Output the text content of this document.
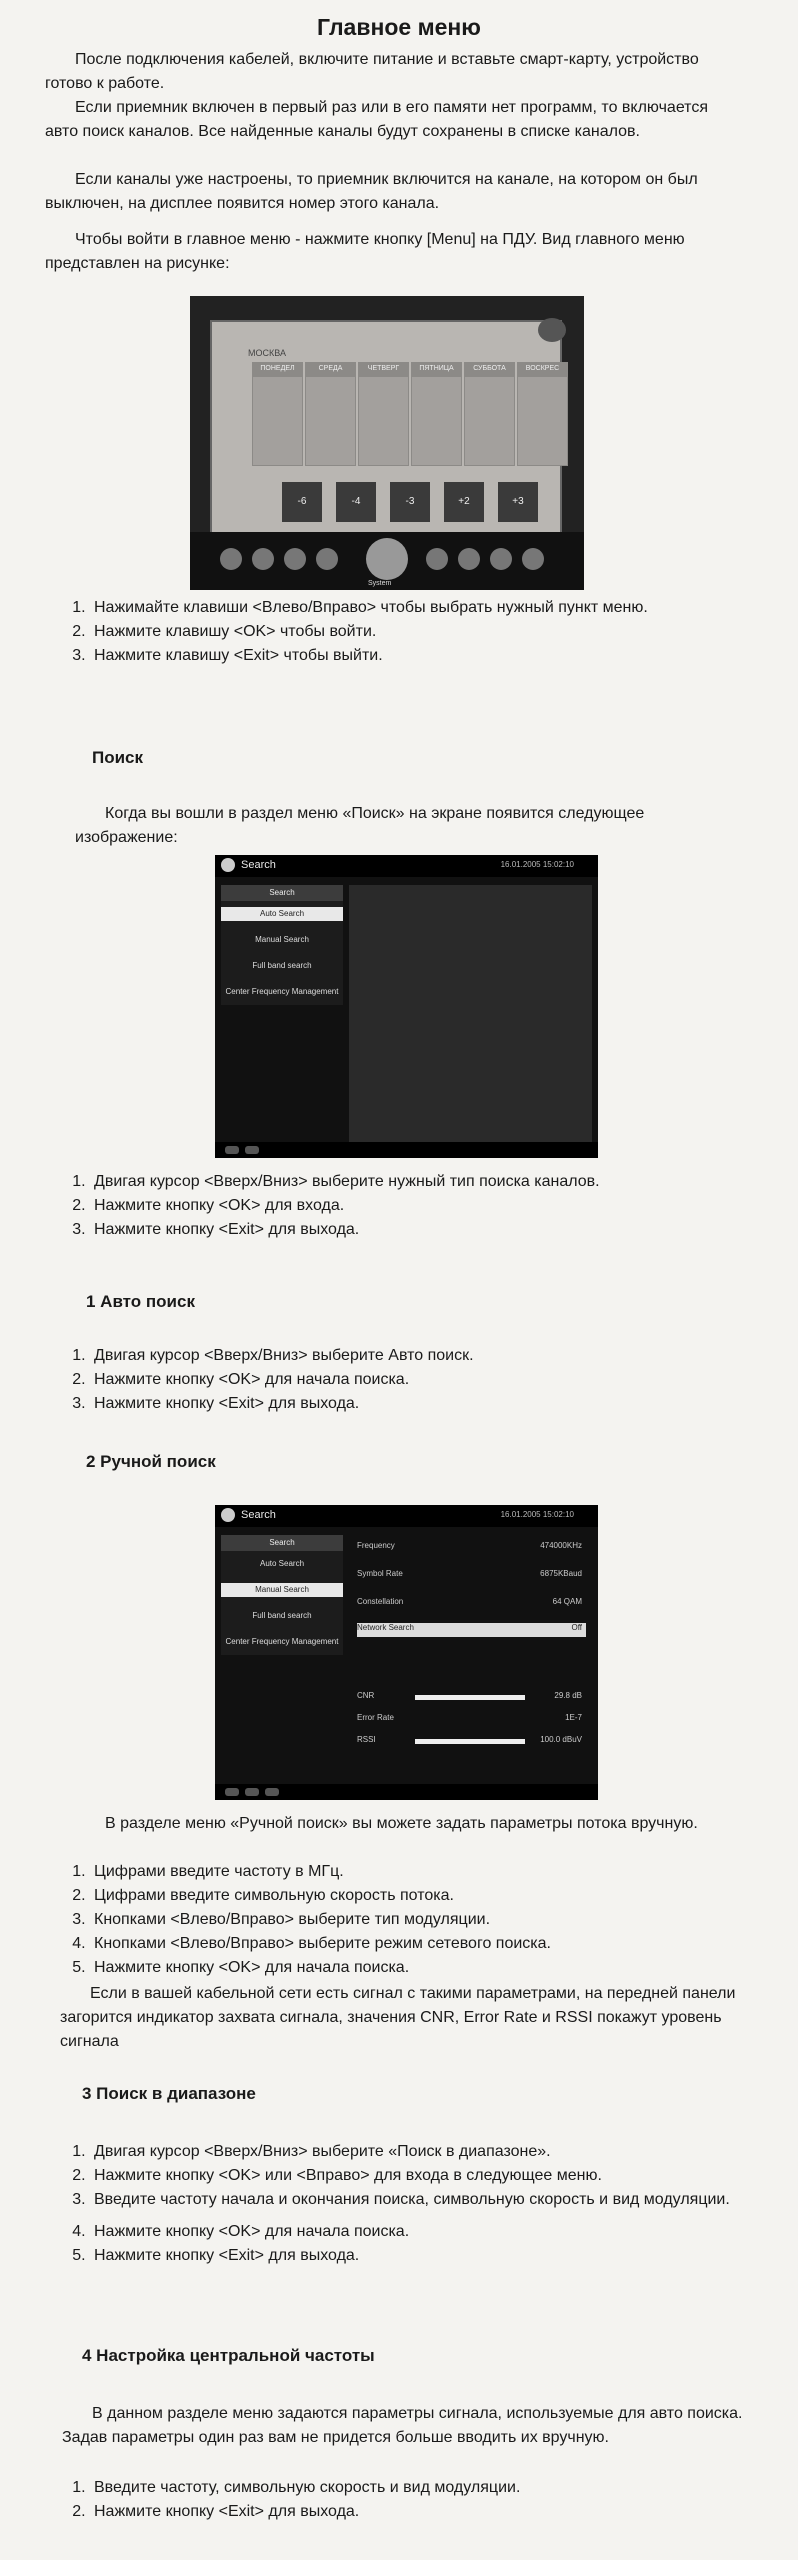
Главное меню

После подключения кабелей, включите питание и вставьте смарт-карту, устройство готово к работе.

Если приемник включен в первый раз или в его памяти нет программ, то включается авто поиск каналов. Все найденные каналы будут сохранены в списке каналов.

Если каналы уже настроены, то приемник включится на канале, на котором он был выключен, на дисплее появится номер этого канала.

Чтобы войти в главное меню - нажмите кнопку [Menu] на ПДУ. Вид главного меню представлен на рисунке:

МОСКВА
ПОНЕДЕЛ	СРЕДА	ЧЕТВЕРГ	ПЯТНИЦА	СУББОТА	ВОСКРЕС
-6	-4	-3	+2	+3
System
1. Нажимайте клавиши <Влево/Вправо> чтобы выбрать нужный пункт меню.
2. Нажмите клавишу <OK> чтобы войти.
3. Нажмите клавишу <Exit> чтобы выйти.
Поиск

Когда вы вошли в раздел меню «Поиск» на экране появится следующее изображение:

Search	16.01.2005 15:02:10
Search
Auto Search
Manual Search
Full band search
Center Frequency Management
1. Двигая курсор <Вверх/Вниз> выберите нужный тип поиска каналов.
2. Нажмите кнопку <OK> для входа.
3. Нажмите кнопку <Exit> для выхода.
1 Авто поиск
1. Двигая курсор <Вверх/Вниз> выберите Авто поиск.
2. Нажмите кнопку <OK> для начала поиска.
3. Нажмите кнопку <Exit> для выхода.
2 Ручной поиск
Search	16.01.2005 15:02:10
Search
Auto Search
Manual Search
Full band search
Center Frequency Management
Frequency	474000KHz
Symbol Rate	6875KBaud
Constellation	64 QAM
Network Search	Off
CNR	29.8 dB
Error Rate	1E-7
RSSI	100.0 dBuV

В разделе меню «Ручной поиск» вы можете задать параметры потока вручную.

1. Цифрами введите частоту в МГц.
2. Цифрами введите символьную скорость потока.
3. Кнопками <Влево/Вправо> выберите тип модуляции.
4. Кнопками <Влево/Вправо> выберите режим сетевого поиска.
5. Нажмите кнопку <OK> для начала поиска.

Если в вашей кабельной сети есть сигнал с такими параметрами, на передней панели загорится индикатор захвата сигнала, значения CNR, Error Rate и RSSI покажут уровень сигнала

3 Поиск в диапазоне
1. Двигая курсор <Вверх/Вниз> выберите «Поиск в диапазоне».
2. Нажмите кнопку <OK> или <Вправо> для входа в следующее меню.
3. Введите частоту начала и окончания поиска, символьную скорость и вид модуляции.
4. Нажмите кнопку <OK> для начала поиска.
5. Нажмите кнопку <Exit> для выхода.
4 Настройка центральной частоты

В данном разделе меню задаются параметры сигнала, используемые для авто поиска. Задав параметры один раз вам не придется больше вводить их вручную.

1. Введите частоту, символьную скорость и вид модуляции.
2. Нажмите кнопку <Exit> для выхода.
